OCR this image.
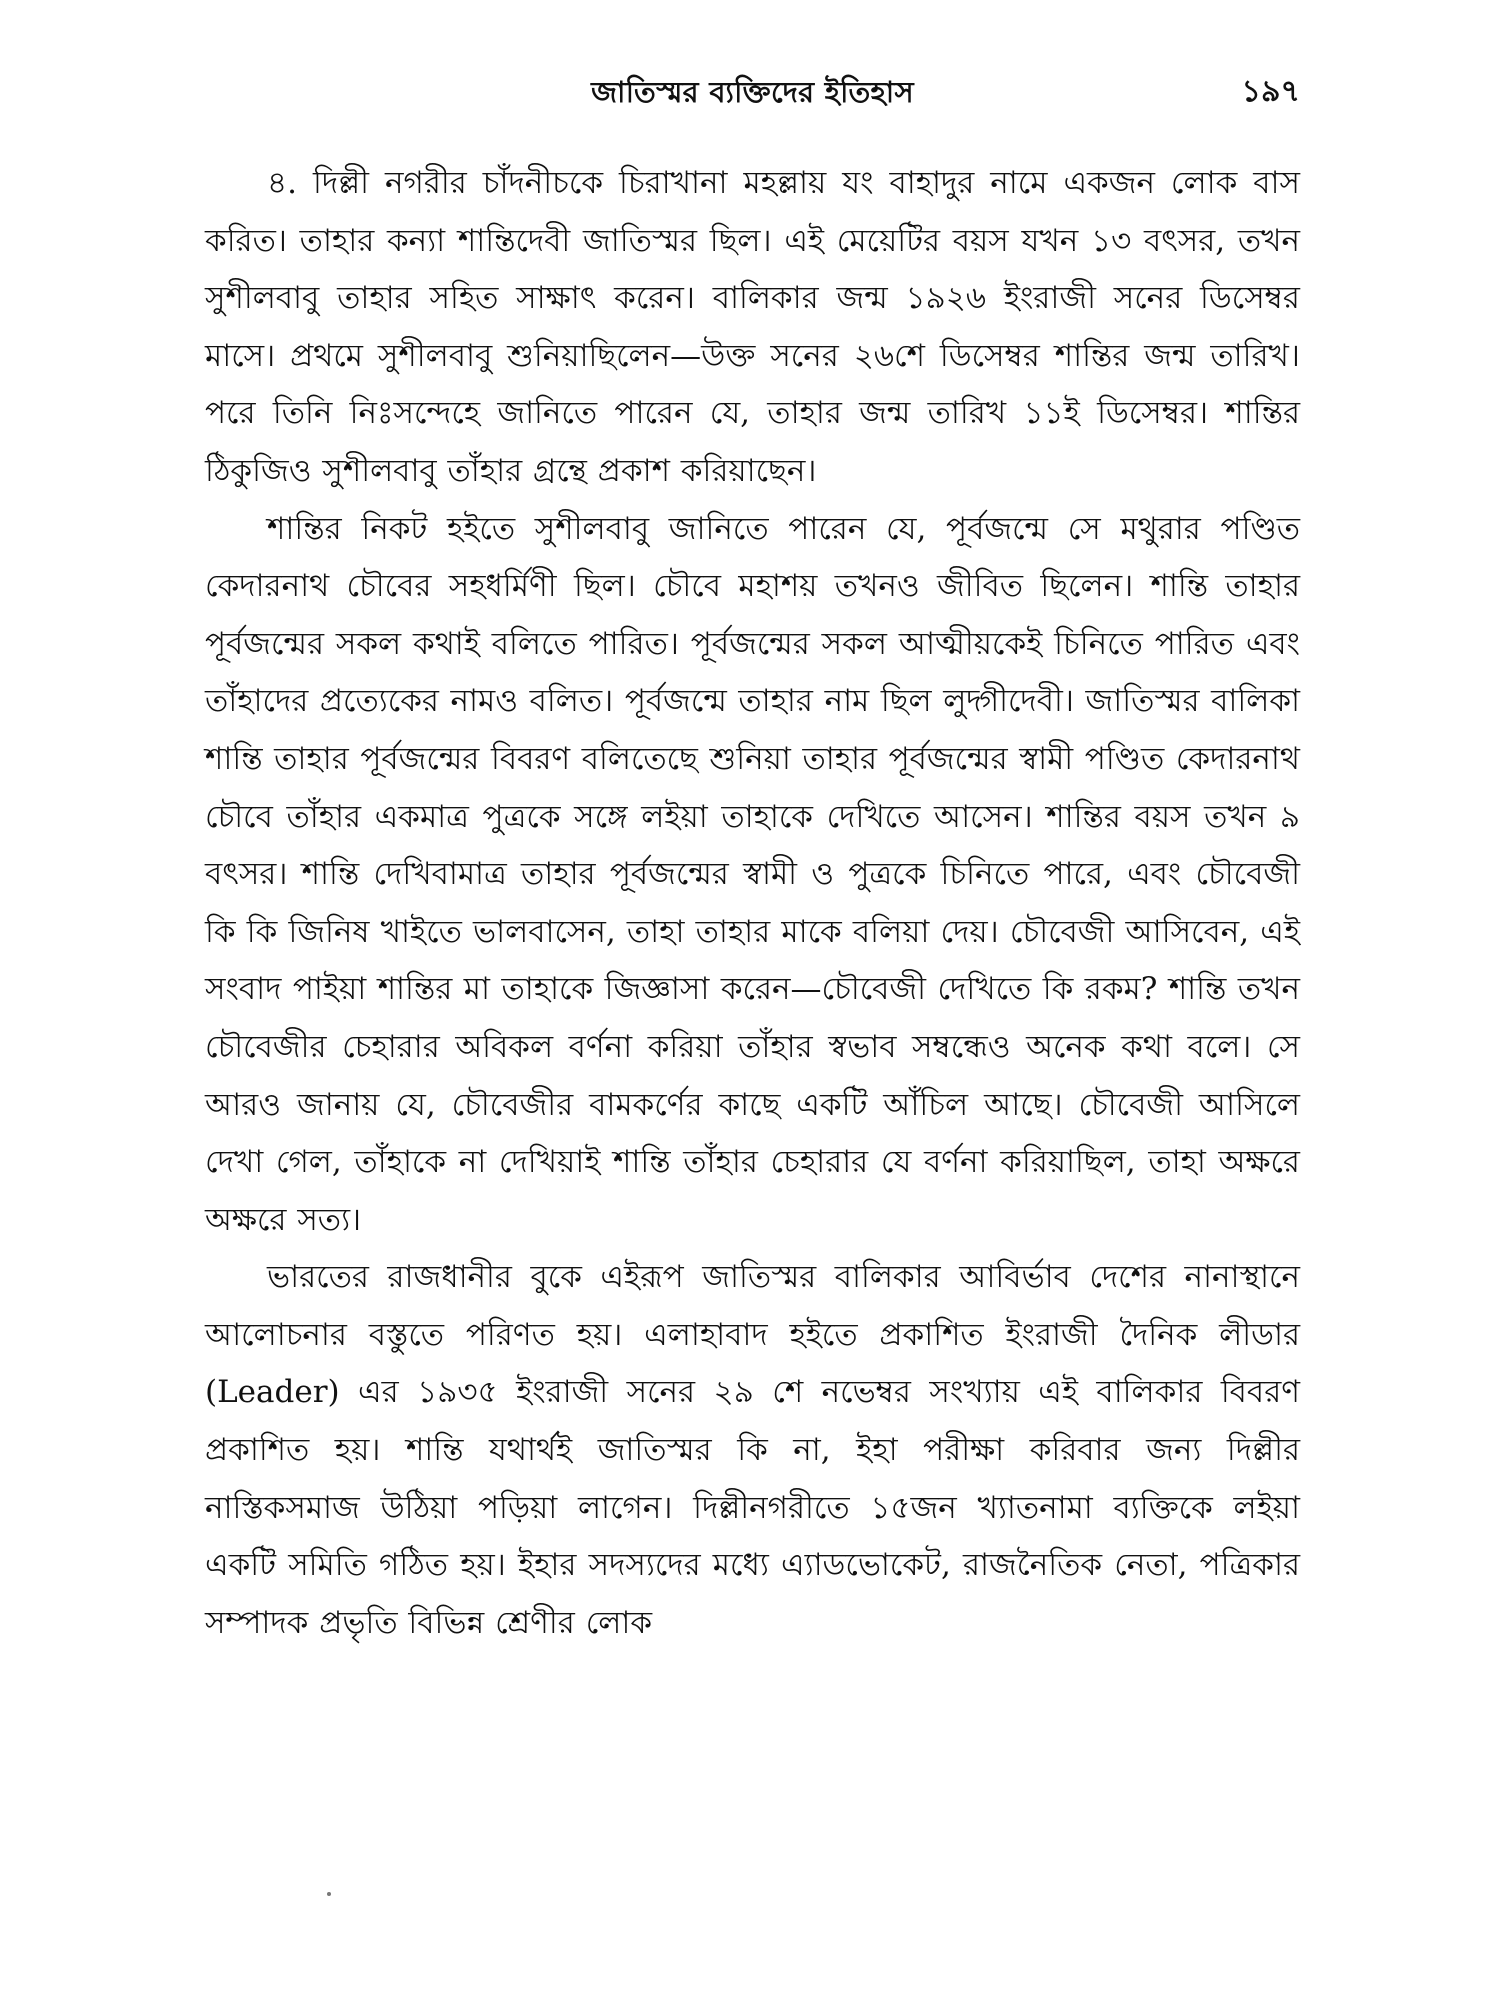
জাতিস্মর ব্যক্তিদের ইতিহাস	১৯৭

৪. দিল্লী নগরীর চাঁদনীচকে চিরাখানা মহল্লায় যং বাহাদুর নামে একজন লোক বাস করিত। তাহার কন্যা শান্তিদেবী জাতিস্মর ছিল। এই মেয়েটির বয়স যখন ১৩ বৎসর, তখন সুশীলবাবু তাহার সহিত সাক্ষাৎ করেন। বালিকার জন্ম ১৯২৬ ইংরাজী সনের ডিসেম্বর মাসে। প্রথমে সুশীলবাবু শুনিয়াছিলেন—উক্ত সনের ২৬শে ডিসেম্বর শান্তির জন্ম তারিখ। পরে তিনি নিঃসন্দেহে জানিতে পারেন যে, তাহার জন্ম তারিখ ১১ই ডিসেম্বর। শান্তির ঠিকুজিও সুশীলবাবু তাঁহার গ্রন্থে প্রকাশ করিয়াছেন।

শান্তির নিকট হইতে সুশীলবাবু জানিতে পারেন যে, পূর্বজন্মে সে মথুরার পণ্ডিত কেদারনাথ চৌবের সহধর্মিণী ছিল। চৌবে মহাশয় তখনও জীবিত ছিলেন। শান্তি তাহার পূর্বজন্মের সকল কথাই বলিতে পারিত। পূর্বজন্মের সকল আত্মীয়কেই চিনিতে পারিত এবং তাঁহাদের প্রত্যেকের নামও বলিত। পূর্বজন্মে তাহার নাম ছিল লুদ্গীদেবী। জাতিস্মর বালিকা শান্তি তাহার পূর্বজন্মের বিবরণ বলিতেছে শুনিয়া তাহার পূর্বজন্মের স্বামী পণ্ডিত কেদারনাথ চৌবে তাঁহার একমাত্র পুত্রকে সঙ্গে লইয়া তাহাকে দেখিতে আসেন। শান্তির বয়স তখন ৯ বৎসর। শান্তি দেখিবামাত্র তাহার পূর্বজন্মের স্বামী ও পুত্রকে চিনিতে পারে, এবং চৌবেজী কি কি জিনিষ খাইতে ভালবাসেন, তাহা তাহার মাকে বলিয়া দেয়। চৌবেজী আসিবেন, এই সংবাদ পাইয়া শান্তির মা তাহাকে জিজ্ঞাসা করেন—চৌবেজী দেখিতে কি রকম? শান্তি তখন চৌবেজীর চেহারার অবিকল বর্ণনা করিয়া তাঁহার স্বভাব সম্বন্ধেও অনেক কথা বলে। সে আরও জানায় যে, চৌবেজীর বামকর্ণের কাছে একটি আঁচিল আছে। চৌবেজী আসিলে দেখা গেল, তাঁহাকে না দেখিয়াই শান্তি তাঁহার চেহারার যে বর্ণনা করিয়াছিল, তাহা অক্ষরে অক্ষরে সত্য।

ভারতের রাজধানীর বুকে এইরূপ জাতিস্মর বালিকার আবির্ভাব দেশের নানাস্থানে আলোচনার বস্তুতে পরিণত হয়। এলাহাবাদ হইতে প্রকাশিত ইংরাজী দৈনিক লীডার (Leader) এর ১৯৩৫ ইংরাজী সনের ২৯ শে নভেম্বর সংখ্যায় এই বালিকার বিবরণ প্রকাশিত হয়। শান্তি যথার্থই জাতিস্মর কি না, ইহা পরীক্ষা করিবার জন্য দিল্লীর নাস্তিকসমাজ উঠিয়া পড়িয়া লাগেন। দিল্লীনগরীতে ১৫জন খ্যাতনামা ব্যক্তিকে লইয়া একটি সমিতি গঠিত হয়। ইহার সদস্যদের মধ্যে এ্যাডভোকেট, রাজনৈতিক নেতা, পত্রিকার সম্পাদক প্রভৃতি বিভিন্ন শ্রেণীর লোক
